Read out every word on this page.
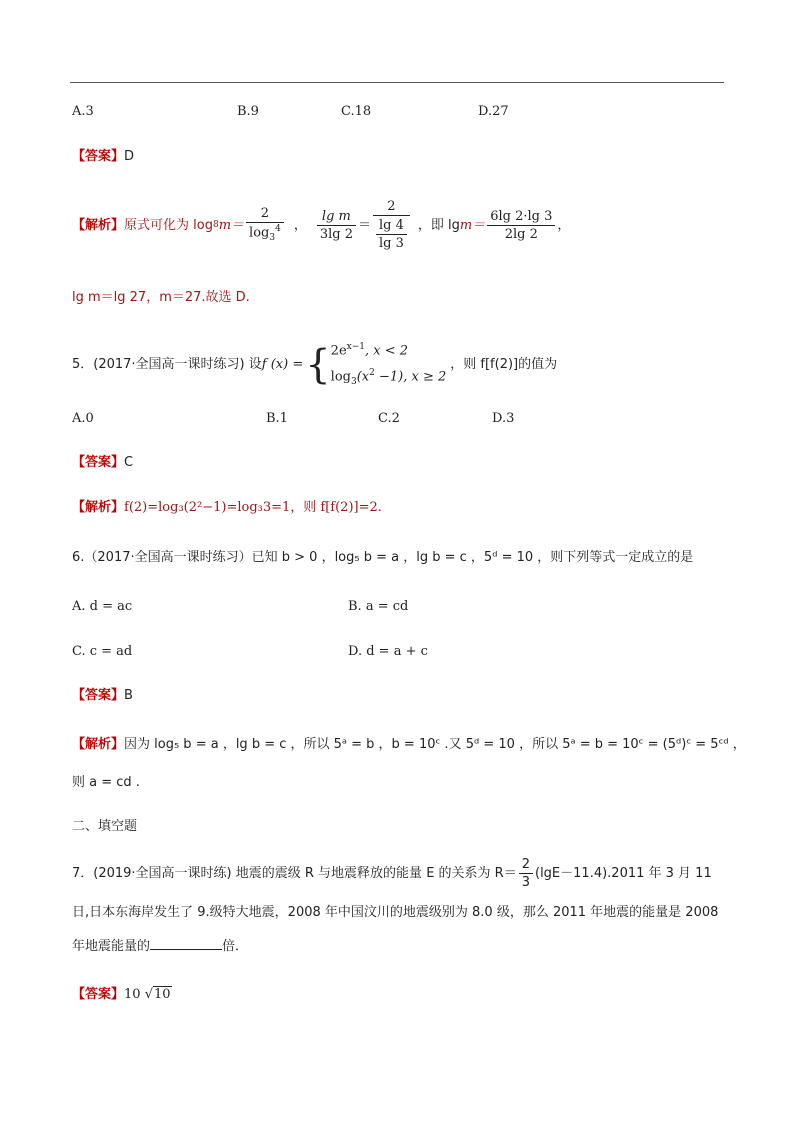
A.3	B.9	C.18	D.27
【答案】D
【解析】 原式可化为 log 8 $m= \frac{2}{\log_3^4}$ ， $\frac{\text{lg m}}{3\lg 2} = \frac{2}{\frac{\lg 4}{\lg 3}}$ ，即 $\lg m= \frac{6\lg 2\cdot\lg 3}{2\lg 2}$ ，
lg m＝lg 27，m＝27.故选 D.
5．(2017·全国高一课时练习) 设 f (x) = { $2e^{x-1}$, x < 2
$\log_3(x^2 -1)$, x ≥ 2
，则 f[f(2)]的值为
A.0	B.1	C.2	D.3
【答案】C
【解析】f(2)=log₃(2²−1)=log₃3=1，则 f[f(2)]=2.
6.（2017·全国高一课时练习）已知 b > 0 ，log₅ b = a ，lg b = c ，5ᵈ = 10 ，则下列等式一定成立的是
A. d = ac	B. a = cd
C. c = ad	D. d = a + c
【答案】B
【解析】因为 log₅ b = a ，lg b = c ，所以 5ᵃ = b ，b = 10ᶜ .又 5ᵈ = 10 ，所以 5ᵃ = b = 10ᶜ = (5ᵈ)ᶜ = 5ᶜᵈ ，
则 a = cd .
二、填空题
7．(2019·全国高一课时练) 地震的震级 R 与地震释放的能量 E 的关系为 $R= \frac{2}{3} (\lg E-11.4).2011$ 年 3 月 11
日,日本东海岸发生了 9.级特大地震，2008 年中国汶川的地震级别为 8.0 级，那么 2011 年地震的能量是 2008
年地震能量的	倍．
【答案】10 √10
